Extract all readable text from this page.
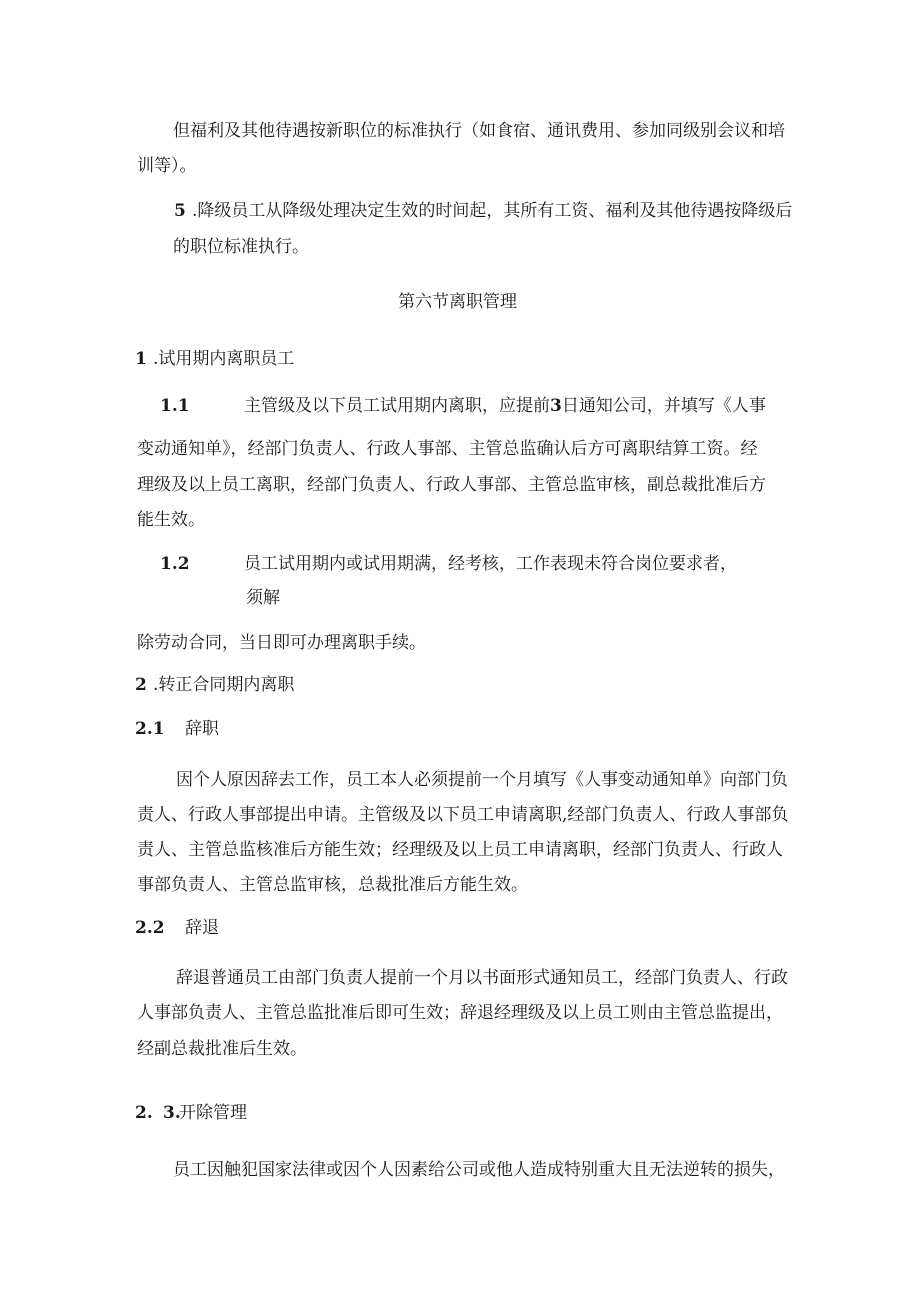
但福利及其他待遇按新职位的标准执行（如食宿、通讯费用、参加同级别会议和培

训等）。

5 .降级员工从降级处理决定生效的时间起，其所有工资、福利及其他待遇按降级后

的职位标准执行。

第六节离职管理

1 .试用期内离职员工

1.1	主管级及以下员工试用期内离职，应提前3日通知公司，并填写《人事

变动通知单》，经部门负责人、行政人事部、主管总监确认后方可离职结算工资。经

理级及以上员工离职，经部门负责人、行政人事部、主管总监审核，副总裁批准后方

能生效。

1.2	员工试用期内或试用期满，经考核，工作表现未符合岗位要求者，

须解

除劳动合同，当日即可办理离职手续。

2 .转正合同期内离职

2.1 辞职

因个人原因辞去工作，员工本人必须提前一个月填写《人事变动通知单》向部门负

责人、行政人事部提出申请。主管级及以下员工申请离职,经部门负责人、行政人事部负

责人、主管总监核准后方能生效；经理级及以上员工申请离职，经部门负责人、行政人

事部负责人、主管总监审核，总裁批准后方能生效。

2.2 辞退

辞退普通员工由部门负责人提前一个月以书面形式通知员工，经部门负责人、行政

人事部负责人、主管总监批准后即可生效；辞退经理级及以上员工则由主管总监提出，

经副总裁批准后生效。

2. 3.

开除管理

员工因触犯国家法律或因个人因素给公司或他人造成特别重大且无法逆转的损失，
